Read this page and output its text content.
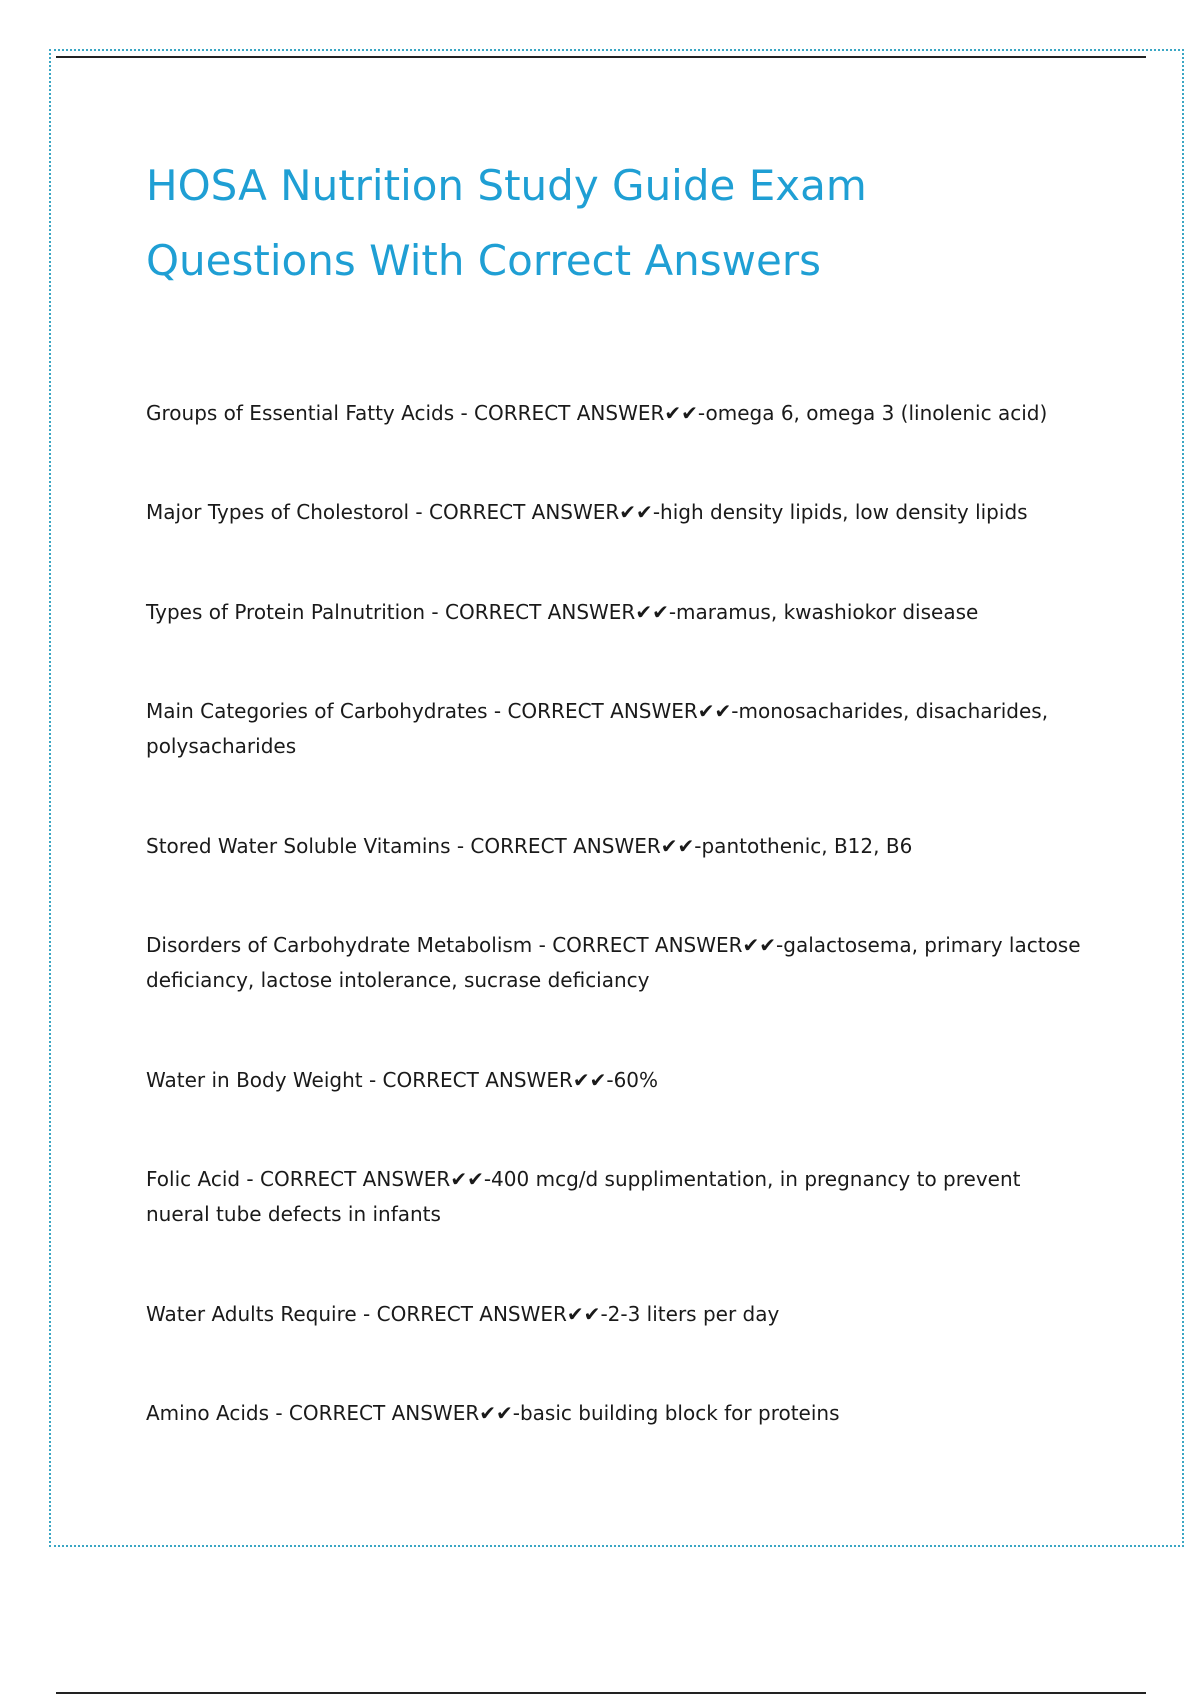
HOSA Nutrition Study Guide Exam Questions With Correct Answers
Groups of Essential Fatty Acids - CORRECT ANSWER✔✔-omega 6, omega 3 (linolenic acid)
Major Types of Cholestorol - CORRECT ANSWER✔✔-high density lipids, low density lipids
Types of Protein Palnutrition - CORRECT ANSWER✔✔-maramus, kwashiokor disease
Main Categories of Carbohydrates - CORRECT ANSWER✔✔-monosacharides, disacharides, polysacharides
Stored Water Soluble Vitamins - CORRECT ANSWER✔✔-pantothenic, B12, B6
Disorders of Carbohydrate Metabolism - CORRECT ANSWER✔✔-galactosema, primary lactose deficiancy, lactose intolerance, sucrase deficiancy
Water in Body Weight - CORRECT ANSWER✔✔-60%
Folic Acid - CORRECT ANSWER✔✔-400 mcg/d supplimentation, in pregnancy to prevent nueral tube defects in infants
Water Adults Require - CORRECT ANSWER✔✔-2-3 liters per day
Amino Acids - CORRECT ANSWER✔✔-basic building block for proteins
